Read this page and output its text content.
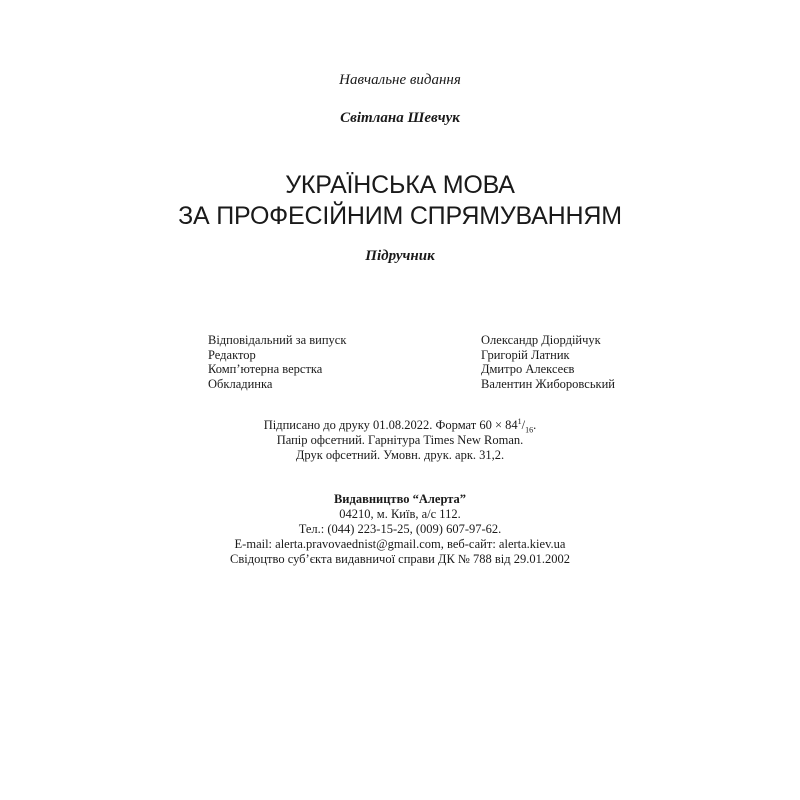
Навчальне видання
Світлана Шевчук
УКРАЇНСЬКА МОВА
ЗА ПРОФЕСІЙНИМ СПРЯМУВАННЯМ
Підручник
Відповідальний за випуск	Олександр Діордійчук
Редактор	Григорій Латник
Комп’ютерна верстка	Дмитро Алексеєв
Обкладинка	Валентин Жиборовський
Підписано до друку 01.08.2022. Формат $60 \times 84^1/_{16}$.
Папір офсетний. Гарнітура Times New Roman.
Друк офсетний. Умовн. друк. арк. 31,2.
Видавництво “Алерта”
04210, м. Київ, а/с 112.
Тел.: (044) 223-15-25, (009) 607-97-62.
E-mail: alerta.pravovaednist@gmail.com, веб-сайт: alerta.kiev.ua
Свідоцтво суб’єкта видавничої справи ДК № 788 від 29.01.2002
